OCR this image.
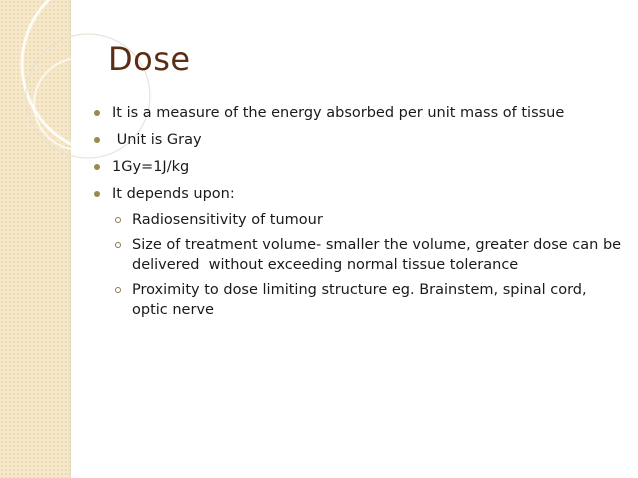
Dose
It is a measure of the energy absorbed per unit mass of tissue
Unit is Gray
1Gy=1J/kg
It depends upon:
Radiosensitivity of tumour
Size of treatment volume- smaller the volume, greater dose can be delivered  without exceeding normal tissue tolerance
Proximity to dose limiting structure eg. Brainstem, spinal cord, optic nerve
